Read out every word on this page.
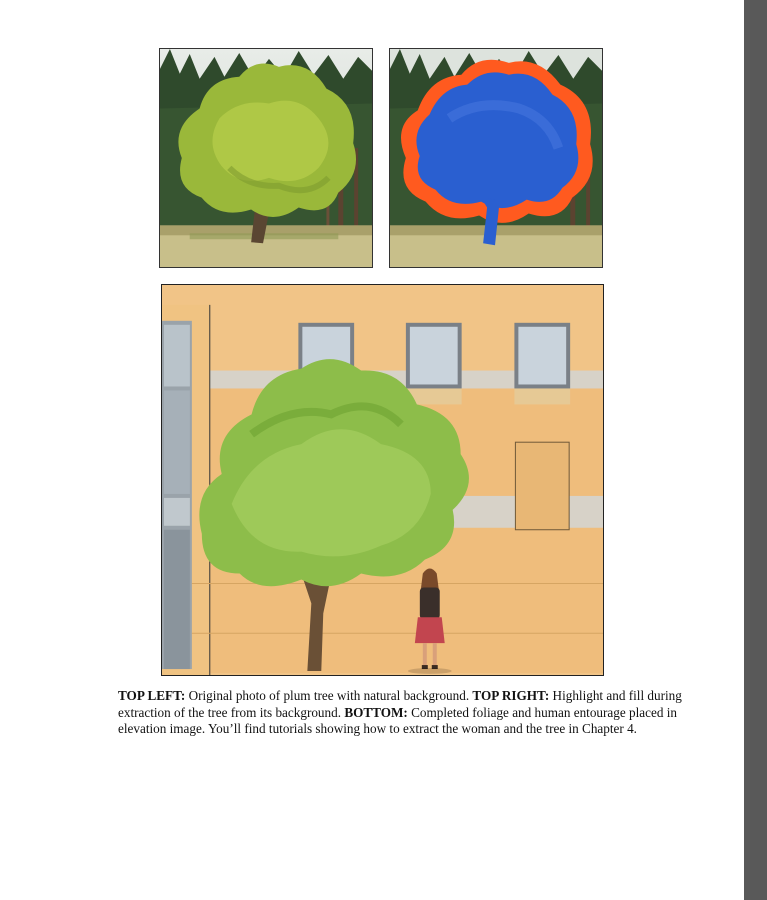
TOP LEFT: Original photo of plum tree with natural background. TOP RIGHT: Highlight and fill during extraction of the tree from its background. BOTTOM: Completed foliage and human entourage placed in elevation image. You’ll find tutorials showing how to extract the woman and the tree in Chapter 4.
